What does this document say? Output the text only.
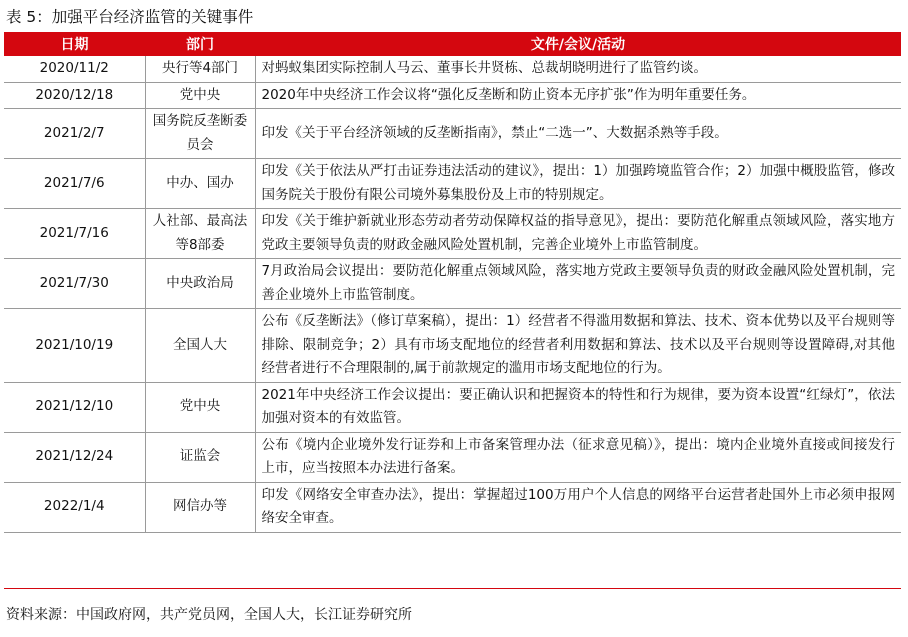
表 5：加强平台经济监管的关键事件
日期	部门	文件/会议/活动
2020/11/2	央行等4部门	对蚂蚁集团实际控制人马云、董事长井贤栋、总裁胡晓明进行了监管约谈。
2020/12/18	党中央	2020年中央经济工作会议将“强化反垄断和防止资本无序扩张”作为明年重要任务。
2021/2/7	国务院反垄断委员会	印发《关于平台经济领域的反垄断指南》，禁止“二选一”、大数据杀熟等手段。
2021/7/6	中办、国办	印发《关于依法从严打击证券违法活动的建议》，提出：1）加强跨境监管合作；2）加强中概股监管，修改国务院关于股份有限公司境外募集股份及上市的特别规定。
2021/7/16	人社部、最高法等8部委	印发《关于维护新就业形态劳动者劳动保障权益的指导意见》，提出：要防范化解重点领域风险，落实地方党政主要领导负责的财政金融风险处置机制，完善企业境外上市监管制度。
2021/7/30	中央政治局	7月政治局会议提出：要防范化解重点领域风险，落实地方党政主要领导负责的财政金融风险处置机制，完善企业境外上市监管制度。
2021/10/19	全国人大	公布《反垄断法》（修订草案稿），提出：1）经营者不得滥用数据和算法、技术、资本优势以及平台规则等排除、限制竞争；2）具有市场支配地位的经营者利用数据和算法、技术以及平台规则等设置障碍,对其他经营者进行不合理限制的,属于前款规定的滥用市场支配地位的行为。
2021/12/10	党中央	2021年中央经济工作会议提出：要正确认识和把握资本的特性和行为规律，要为资本设置“红绿灯”，依法加强对资本的有效监管。
2021/12/24	证监会	公布《境内企业境外发行证券和上市备案管理办法（征求意见稿）》，提出：境内企业境外直接或间接发行上市，应当按照本办法进行备案。
2022/1/4	网信办等	印发《网络安全审查办法》，提出：掌握超过100万用户个人信息的网络平台运营者赴国外上市必须申报网络安全审查。
资料来源：中国政府网，共产党员网，全国人大，长江证券研究所
